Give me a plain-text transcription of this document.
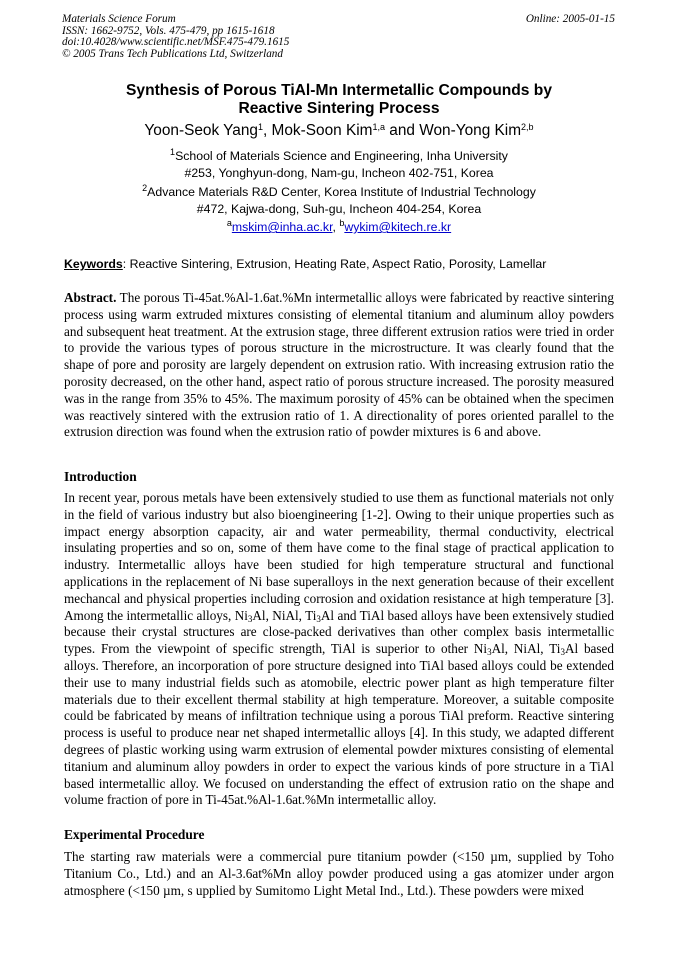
Materials Science Forum
ISSN: 1662-9752, Vols. 475-479, pp 1615-1618
doi:10.4028/www.scientific.net/MSF.475-479.1615
© 2005 Trans Tech Publications Ltd, Switzerland
Online: 2005-01-15
Synthesis of Porous TiAl-Mn Intermetallic Compounds by
Reactive Sintering Process
Yoon-Seok Yang$^1$, Mok-Soon Kim$^{1,a}$ and Won-Yong Kim$^{2,b}$
$^1$School of Materials Science and Engineering, Inha University
#253, Yonghyun-dong, Nam-gu, Incheon 402-751, Korea
$^2$Advance Materials R&D Center, Korea Institute of Industrial Technology
#472, Kajwa-dong, Suh-gu, Incheon 404-254, Korea
$^a$mskim@inha.ac.kr, $^b$wykim@kitech.re.kr
Keywords: Reactive Sintering, Extrusion, Heating Rate, Aspect Ratio, Porosity, Lamellar

Abstract. The porous Ti-45at.%Al-1.6at.%Mn intermetallic alloys were fabricated by reactive sintering process using warm extruded mixtures consisting of elemental titanium and aluminum alloy powders and subsequent heat treatment. At the extrusion stage, three different extrusion ratios were tried in order to provide the various types of porous structure in the microstructure. It was clearly found that the shape of pore and porosity are largely dependent on extrusion ratio. With increasing extrusion ratio the porosity decreased, on the other hand, aspect ratio of porous structure increased. The porosity measured was in the range from 35% to 45%. The maximum porosity of 45% can be obtained when the specimen was reactively sintered with the extrusion ratio of 1. A directionality of pores oriented parallel to the extrusion direction was found when the extrusion ratio of powder mixtures is 6 and above.

Introduction

In recent year, porous metals have been extensively studied to use them as functional materials not only in the field of various industry but also bioengineering [1-2]. Owing to their unique properties such as impact energy absorption capacity, air and water permeability, thermal conductivity, electrical insulating properties and so on, some of them have come to the final stage of practical application to industry. Intermetallic alloys have been studied for high temperature structural and functional applications in the replacement of Ni base superalloys in the next generation because of their excellent mechancal and physical properties including corrosion and oxidation resistance at high temperature [3]. Among the intermetallic alloys, $Ni_3Al$, NiAl, $Ti_3Al$ and TiAl based alloys have been extensively studied because their crystal structures are close-packed derivatives than other complex basis intermetallic types. From the viewpoint of specific strength, TiAl is superior to other $Ni_3Al$, NiAl, $Ti_3Al$ based alloys. Therefore, an incorporation of pore structure designed into TiAl based alloys could be extended their use to many industrial fields such as atomobile, electric power plant as high temperature filter materials due to their excellent thermal stability at high temperature. Moreover, a suitable composite could be fabricated by means of infiltration technique using a porous TiAl preform. Reactive sintering process is useful to produce near net shaped intermetallic alloys [4]. In this study, we adapted different degrees of plastic working using warm extrusion of elemental powder mixtures consisting of elemental titanium and aluminum alloy powders in order to expect the various kinds of pore structure in a TiAl based intermetallic alloy. We focused on understanding the effect of extrusion ratio on the shape and volume fraction of pore in Ti-45at.%Al-1.6at.%Mn intermetallic alloy.

Experimental Procedure

The starting raw materials were a commercial pure titanium powder (<150 µm, supplied by Toho Titanium Co., Ltd.) and an Al-3.6at%Mn alloy powder produced using a gas atomizer under argon atmosphere (<150 µm, s upplied by Sumitomo Light Metal Ind., Ltd.). These powders were mixed
